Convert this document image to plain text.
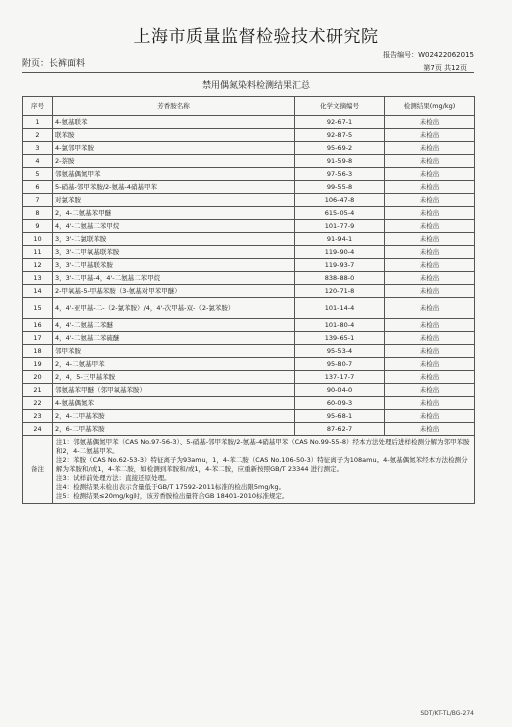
上海市质量监督检验技术研究院
附页：长裤面料
报告编号：W02422062015
第7页 共12页
禁用偶氮染料检测结果汇总
序号	芳香胺名称	化学文摘编号	检测结果(mg/kg)
1	4-氨基联苯	92-67-1	未检出
2	联苯胺	92-87-5	未检出
3	4-氯邻甲苯胺	95-69-2	未检出
4	2-萘胺	91-59-8	未检出
5	邻氨基偶氮甲苯	97-56-3	未检出
6	5-硝基-邻甲苯胺/2-氨基-4硝基甲苯	99-55-8	未检出
7	对氯苯胺	106-47-8	未检出
8	2，4-二氨基苯甲醚	615-05-4	未检出
9	4，4'-二氨基二苯甲烷	101-77-9	未检出
10	3，3'-二氯联苯胺	91-94-1	未检出
11	3，3'-二甲氧基联苯胺	119-90-4	未检出
12	3，3'-二甲基联苯胺	119-93-7	未检出
13	3，3'-二甲基-4，4'-二氨基二苯甲烷	838-88-0	未检出
14	2-甲氧基-5-甲基苯胺（3-氨基对甲苯甲醚）	120-71-8	未检出
15	4，4'-亚甲基-二-（2-氯苯胺）/4，4'-次甲基-双-（2-氯苯胺）	101-14-4	未检出
16	4，4'-二氨基二苯醚	101-80-4	未检出
17	4，4'-二氨基二苯硫醚	139-65-1	未检出
18	邻甲苯胺	95-53-4	未检出
19	2，4-二氨基甲苯	95-80-7	未检出
20	2，4，5-三甲基苯胺	137-17-7	未检出
21	邻氨基苯甲醚（邻甲氧基苯胺）	90-04-0	未检出
22	4-氨基偶氮苯	60-09-3	未检出
23	2，4-二甲基苯胺	95-68-1	未检出
24	2，6-二甲基苯胺	87-62-7	未检出
备注	注1：邻氨基偶氮甲苯（CAS No.97-56-3）、5-硝基-邻甲苯胺/2-氨基-4硝基甲苯（CAS No.99-55-8）经本方法处理后进样检测分解为邻甲苯胺和2，4-二氨基甲苯。
注2：苯胺（CAS No.62-53-3）特征离子为93amu，1，4-苯二胺（CAS No.106-50-3）特征离子为108amu。4-氨基偶氮苯经本方法检测分解为苯胺和/或1，4-苯二胺，如检测到苯胺和/或1，4-苯二胺，应重新按照GB/T 23344 进行测定。
注3：试样前处理方法：直接还原处理。
注4：检测结果未检出表示含量低于GB/T 17592-2011标准的检出限5mg/kg。
注5：检测结果≤20mg/kg时，该芳香胺检出量符合GB 18401-2010标准规定。		
SDT/KT-TL/BG-274
